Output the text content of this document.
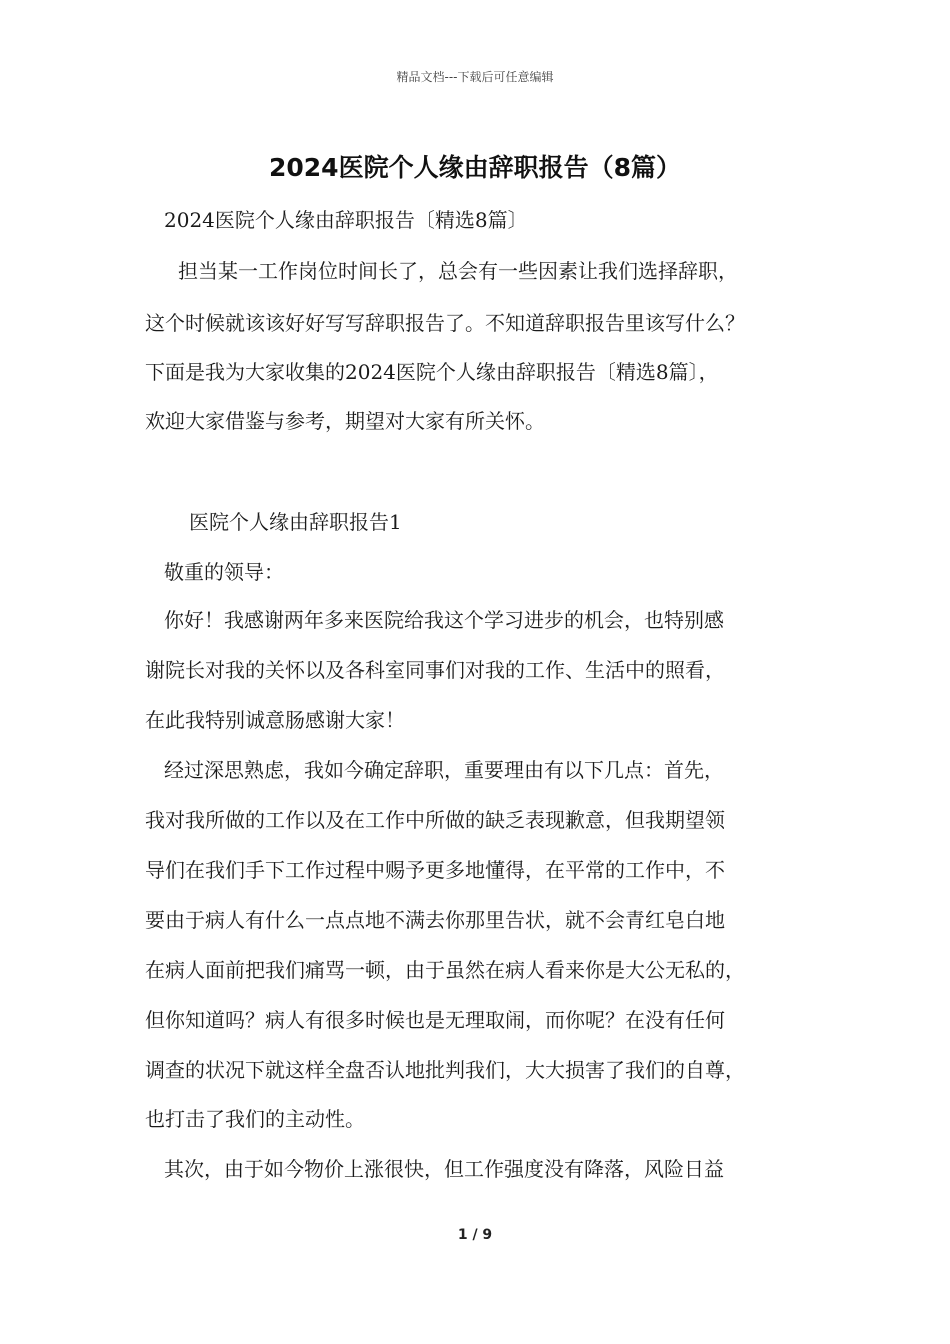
精品文档---下载后可任意编辑
2024医院个人缘由辞职报告（8篇）
2024医院个人缘由辞职报告〔精选8篇〕
担当某一工作岗位时间长了，总会有一些因素让我们选择辞职，
这个时候就该该好好写写辞职报告了。不知道辞职报告里该写什么？
下面是我为大家收集的2024医院个人缘由辞职报告〔精选8篇〕，
欢迎大家借鉴与参考，期望对大家有所关怀。
医院个人缘由辞职报告1
敬重的领导：
你好！我感谢两年多来医院给我这个学习进步的机会，也特别感
谢院长对我的关怀以及各科室同事们对我的工作、生活中的照看，
在此我特别诚意肠感谢大家！
经过深思熟虑，我如今确定辞职，重要理由有以下几点：首先，
我对我所做的工作以及在工作中所做的缺乏表现歉意，但我期望领
导们在我们手下工作过程中赐予更多地懂得，在平常的工作中，不
要由于病人有什么一点点地不满去你那里告状，就不会青红皂白地
在病人面前把我们痛骂一顿，由于虽然在病人看来你是大公无私的，
但你知道吗？病人有很多时候也是无理取闹，而你呢？在没有任何
调查的状况下就这样全盘否认地批判我们，大大损害了我们的自尊，
也打击了我们的主动性。
其次，由于如今物价上涨很快，但工作强度没有降落，风险日益
1 / 9
